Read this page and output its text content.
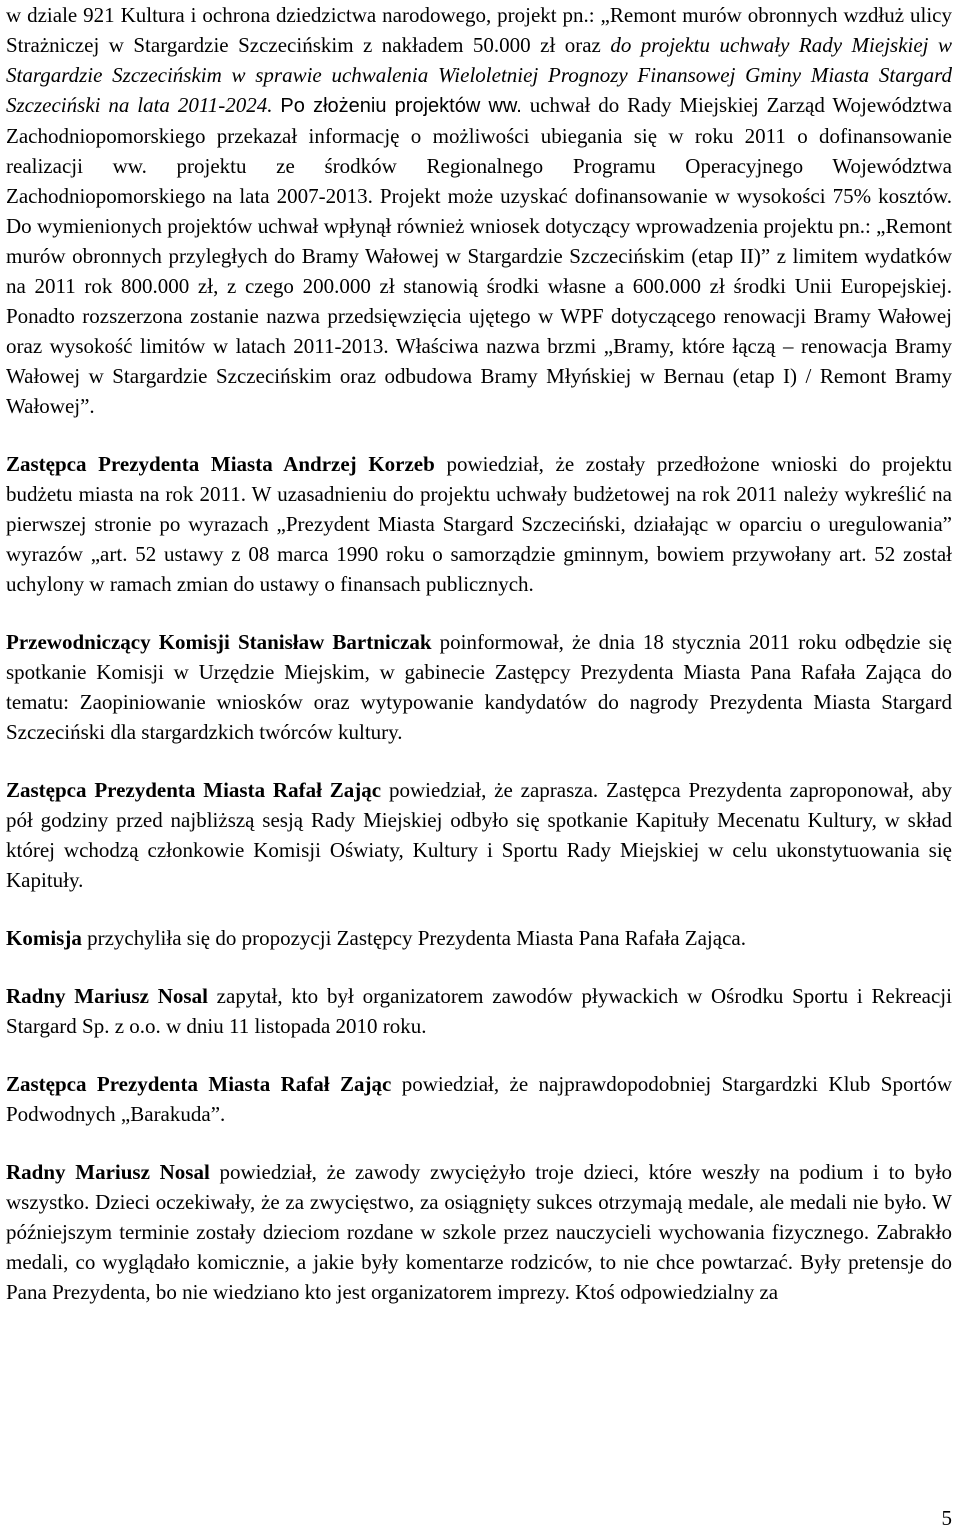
w dziale 921 Kultura i ochrona dziedzictwa narodowego, projekt pn.: „Remont murów obronnych wzdłuż ulicy Strażniczej w Stargardzie Szczecińskim z nakładem 50.000 zł oraz do projektu uchwały Rady Miejskiej w Stargardzie Szczecińskim w sprawie uchwalenia Wieloletniej Prognozy Finansowej Gminy Miasta Stargard Szczeciński na lata 2011-2024. Po złożeniu projektów ww. uchwał do Rady Miejskiej Zarząd Województwa Zachodniopomorskiego przekazał informację o możliwości ubiegania się w roku 2011 o dofinansowanie realizacji ww. projektu ze środków Regionalnego Programu Operacyjnego Województwa Zachodniopomorskiego na lata 2007-2013. Projekt może uzyskać dofinansowanie w wysokości 75% kosztów. Do wymienionych projektów uchwał wpłynął również wniosek dotyczący wprowadzenia projektu pn.: „Remont murów obronnych przyległych do Bramy Wałowej w Stargardzie Szczecińskim (etap II)” z limitem wydatków na 2011 rok 800.000 zł, z czego 200.000 zł stanowią środki własne a 600.000 zł środki Unii Europejskiej. Ponadto rozszerzona zostanie nazwa przedsięwzięcia ujętego w WPF dotyczącego renowacji Bramy Wałowej oraz wysokość limitów w latach 2011-2013. Właściwa nazwa brzmi „Bramy, które łączą – renowacja Bramy Wałowej w Stargardzie Szczecińskim oraz odbudowa Bramy Młyńskiej w Bernau (etap I) / Remont Bramy Wałowej”.

Zastępca Prezydenta Miasta Andrzej Korzeb powiedział, że zostały przedłożone wnioski do projektu budżetu miasta na rok 2011. W uzasadnieniu do projektu uchwały budżetowej na rok 2011 należy wykreślić na pierwszej stronie po wyrazach „Prezydent Miasta Stargard Szczeciński, działając w oparciu o uregulowania” wyrazów „art. 52 ustawy z 08 marca 1990 roku o samorządzie gminnym, bowiem przywołany art. 52 został uchylony w ramach zmian do ustawy o finansach publicznych.

Przewodniczący Komisji Stanisław Bartniczak poinformował, że dnia 18 stycznia 2011 roku odbędzie się spotkanie Komisji w Urzędzie Miejskim, w gabinecie Zastępcy Prezydenta Miasta Pana Rafała Zająca do tematu: Zaopiniowanie wniosków oraz wytypowanie kandydatów do nagrody Prezydenta Miasta Stargard Szczeciński dla stargardzkich twórców kultury.

Zastępca Prezydenta Miasta Rafał Zając powiedział, że zaprasza. Zastępca Prezydenta zaproponował, aby pół godziny przed najbliższą sesją Rady Miejskiej odbyło się spotkanie Kapituły Mecenatu Kultury, w skład której wchodzą członkowie Komisji Oświaty, Kultury i Sportu Rady Miejskiej w celu ukonstytuowania się Kapituły.

Komisja przychyliła się do propozycji Zastępcy Prezydenta Miasta Pana Rafała Zająca.

Radny Mariusz Nosal zapytał, kto był organizatorem zawodów pływackich w Ośrodku Sportu i Rekreacji Stargard Sp. z o.o. w dniu 11 listopada 2010 roku.

Zastępca Prezydenta Miasta Rafał Zając powiedział, że najprawdopodobniej Stargardzki Klub Sportów Podwodnych „Barakuda”.

Radny Mariusz Nosal powiedział, że zawody zwyciężyło troje dzieci, które weszły na podium i to było wszystko. Dzieci oczekiwały, że za zwycięstwo, za osiągnięty sukces otrzymają medale, ale medali nie było. W późniejszym terminie zostały dzieciom rozdane w szkole przez nauczycieli wychowania fizycznego. Zabrakło medali, co wyglądało komicznie, a jakie były komentarze rodziców, to nie chce powtarzać. Były pretensje do Pana Prezydenta, bo nie wiedziano kto jest organizatorem imprezy. Ktoś odpowiedzialny za

5
